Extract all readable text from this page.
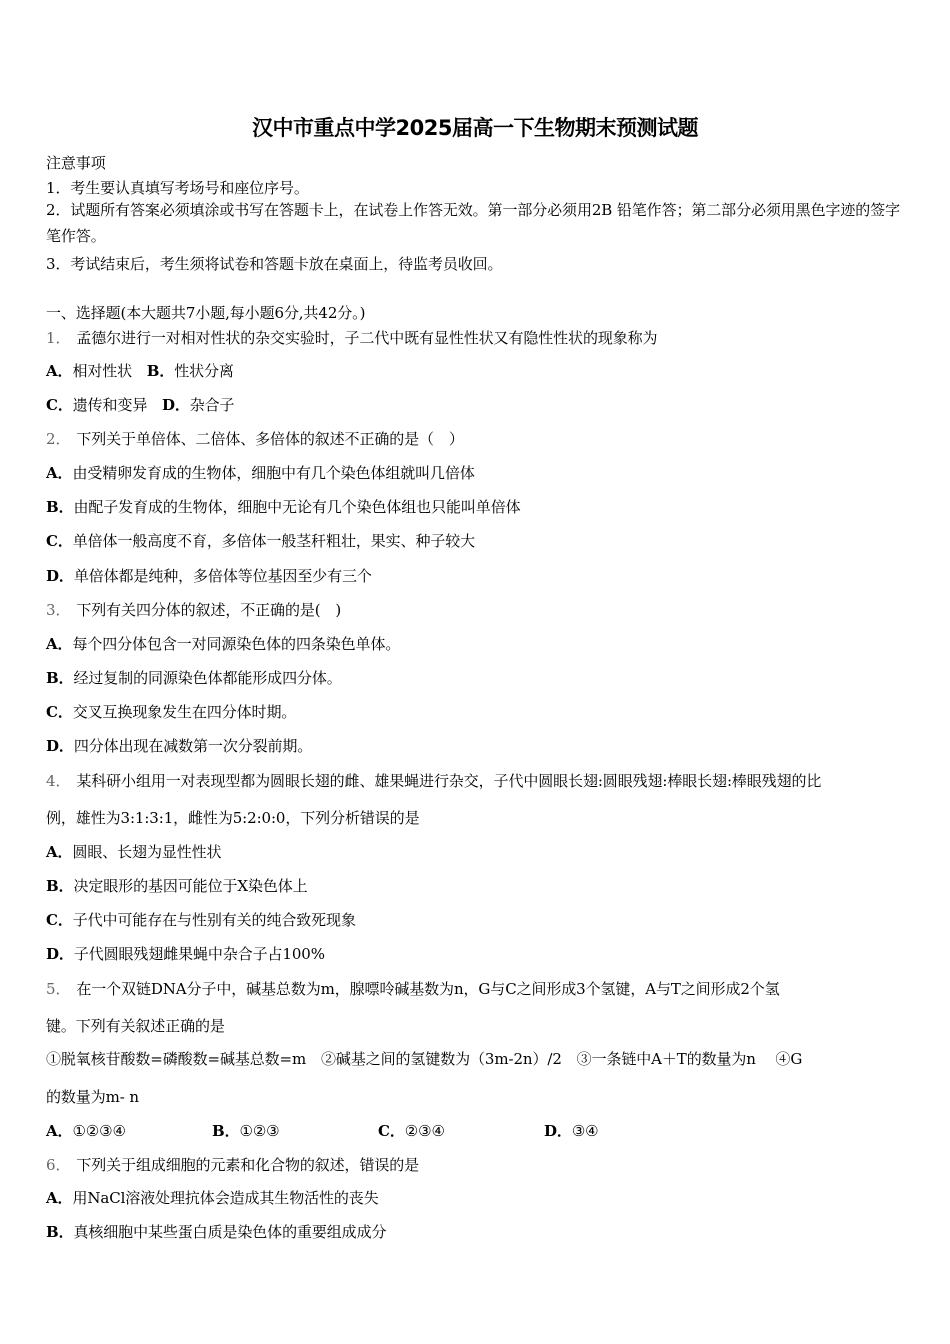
汉中市重点中学2025届高一下生物期末预测试题
注意事项
1．考生要认真填写考场号和座位序号。
2．试题所有答案必须填涂或书写在答题卡上，在试卷上作答无效。第一部分必须用2B 铅笔作答；第二部分必须用黑色字迹的签字笔作答。
3．考试结束后，考生须将试卷和答题卡放在桌面上，待监考员收回。
一、选择题(本大题共7小题,每小题6分,共42分。)
1． 孟德尔进行一对相对性状的杂交实验时，子二代中既有显性性状又有隐性性状的现象称为
A．相对性状 B．性状分离
C．遗传和变异 D．杂合子
2． 下列关于单倍体、二倍体、多倍体的叙述不正确的是（　）
A．由受精卵发育成的生物体，细胞中有几个染色体组就叫几倍体
B．由配子发育成的生物体，细胞中无论有几个染色体组也只能叫单倍体
C．单倍体一般高度不育，多倍体一般茎秆粗壮，果实、种子较大
D．单倍体都是纯种，多倍体等位基因至少有三个
3． 下列有关四分体的叙述，不正确的是(　)
A．每个四分体包含一对同源染色体的四条染色单体。
B．经过复制的同源染色体都能形成四分体。
C．交叉互换现象发生在四分体时期。
D．四分体出现在减数第一次分裂前期。
4． 某科研小组用一对表现型都为圆眼长翅的雌、雄果蝇进行杂交，子代中圆眼长翅:圆眼残翅:棒眼长翅:棒眼残翅的比
例，雄性为3:1:3:1，雌性为5:2:0:0，下列分析错误的是
A．圆眼、长翅为显性性状
B．决定眼形的基因可能位于X染色体上
C．子代中可能存在与性别有关的纯合致死现象
D．子代圆眼残翅雌果蝇中杂合子占100%
5． 在一个双链DNA分子中，碱基总数为m，腺嘌呤碱基数为n，G与C之间形成3个氢键，A与T之间形成2个氢
键。下列有关叙述正确的是
①脱氧核苷酸数=磷酸数=碱基总数=m　②碱基之间的氢键数为（3m-2n）/2　③一条链中A＋T的数量为n　 ④G
的数量为m- n
A．①②③④	B．①②③	C．②③④	D．③④
6． 下列关于组成细胞的元素和化合物的叙述，错误的是
A．用NaCl溶液处理抗体会造成其生物活性的丧失
B．真核细胞中某些蛋白质是染色体的重要组成成分
